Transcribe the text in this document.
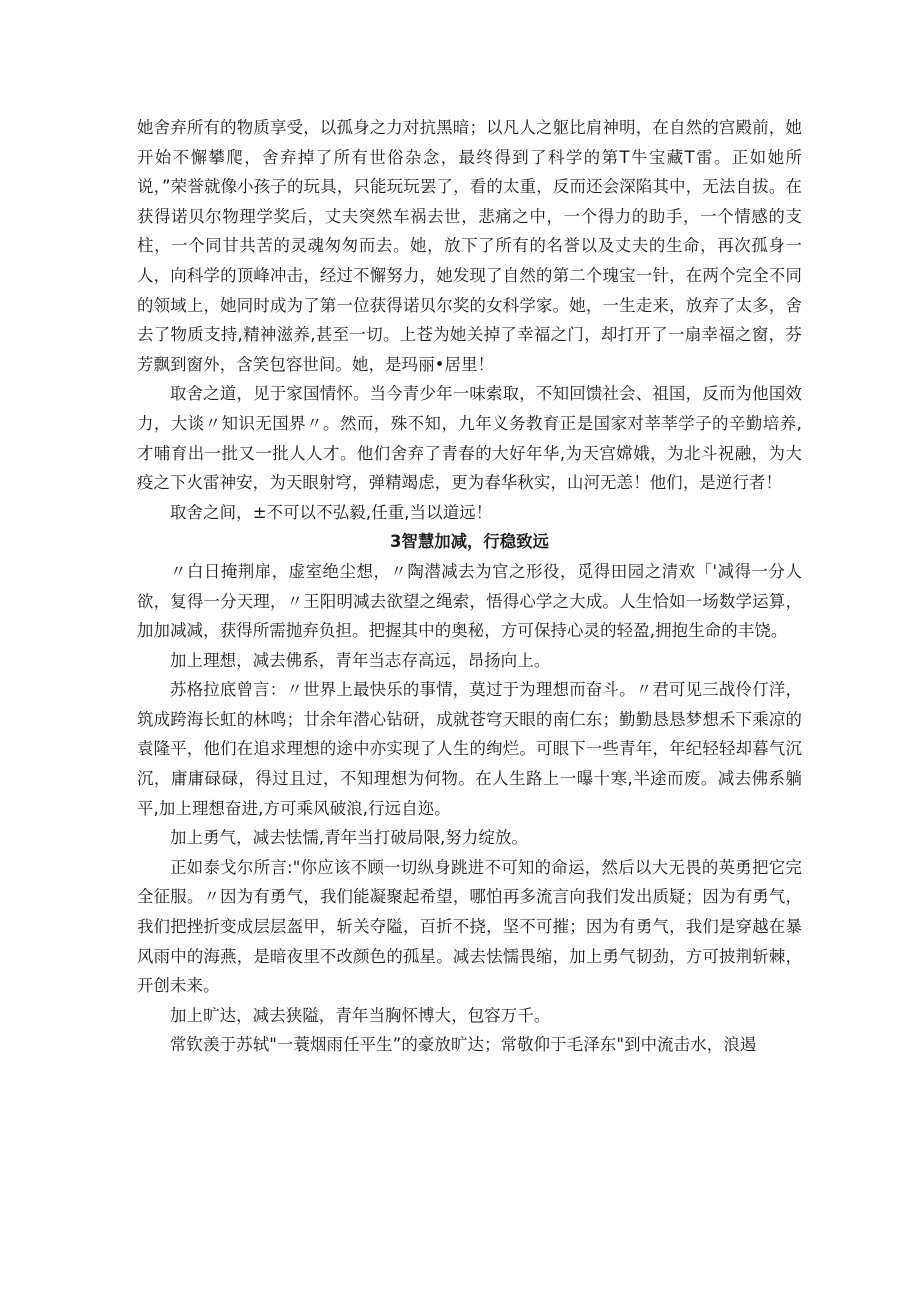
她舍弃所有的物质享受，以孤身之力对抗黑暗；以凡人之躯比肩神明，在自然的宫殿前，她开始不懈攀爬，舍弃掉了所有世俗杂念，最终得到了科学的第T牛宝藏T雷。正如她所说，”荣誉就像小孩子的玩具，只能玩玩罢了，看的太重，反而还会深陷其中，无法自拔。在获得诺贝尔物理学奖后，丈夫突然车祸去世，悲痛之中，一个得力的助手，一个情感的支柱，一个同甘共苦的灵魂匆匆而去。她，放下了所有的名誉以及丈夫的生命，再次孤身一人，向科学的顶峰冲击，经过不懈努力，她发现了自然的第二个瑰宝一针，在两个完全不同的领域上，她同时成为了第一位获得诺贝尔奖的女科学家。她，一生走来，放弃了太多，舍去了物质支持,精神滋养,甚至一切。上苍为她关掉了幸福之门，却打开了一扇幸福之窗，芬芳飘到窗外，含笑包容世间。她，是玛丽•居里！

取舍之道，见于家国情怀。当今青少年一味索取，不知回馈社会、祖国，反而为他国效力，大谈〃知识无国界〃。然而，殊不知，九年义务教育正是国家对莘莘学子的辛勤培养,才哺育出一批又一批人人才。他们舍弃了青春的大好年华,为天宫嫦娥，为北斗祝融，为大疫之下火雷神安，为天眼射穹，弹精竭虑，更为春华秋实，山河无恙！他们，是逆行者！

取舍之间，±不可以不弘毅,任重,当以道远！

3智慧加减，行稳致远

〃白日掩荆扉，虚室绝尘想，〃陶潜减去为官之形役，觅得田园之清欢「'减得一分人欲，复得一分天理，〃王阳明减去欲望之绳索，悟得心学之大成。人生恰如一场数学运算，加加减减，获得所需抛弃负担。把握其中的奥秘，方可保持心灵的轻盈,拥抱生命的丰饶。

加上理想，减去佛系，青年当志存高远，昂扬向上。

苏格拉底曾言：〃世界上最快乐的事情，莫过于为理想而奋斗。〃君可见三战伶仃洋，筑成跨海长虹的林鸣；廿余年潜心钻研，成就苍穹天眼的南仁东；勤勤恳恳梦想禾下乘凉的袁隆平，他们在追求理想的途中亦实现了人生的绚烂。可眼下一些青年，年纪轻轻却暮气沉沉，庸庸碌碌，得过且过，不知理想为何物。在人生路上一曝十寒,半途而废。减去佛系躺平,加上理想奋进,方可乘风破浪,行远自迩。

加上勇气，减去怯懦,青年当打破局限,努力绽放。

正如泰戈尔所言:"你应该不顾一切纵身跳进不可知的命运，然后以大无畏的英勇把它完全征服。〃因为有勇气，我们能凝聚起希望，哪怕再多流言向我们发出质疑；因为有勇气，我们把挫折变成层层盔甲，斩关夺隘，百折不挠，坚不可摧；因为有勇气，我们是穿越在暴风雨中的海燕，是暗夜里不改颜色的孤星。减去怯懦畏缩，加上勇气韧劲，方可披荆斩棘，开创未来。

加上旷达，减去狭隘，青年当胸怀博大，包容万千。

常钦羡于苏轼"一蓑烟雨任平生”的豪放旷达；常敬仰于毛泽东"到中流击水，浪遏
